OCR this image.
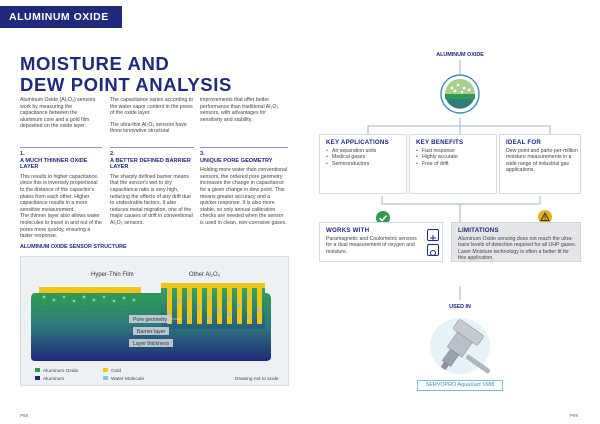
ALUMINUM OXIDE
MOISTURE AND
DEW POINT ANALYSIS

Aluminum Oxide (Al₂O₃) sensors work by measuring the capacitance between the aluminum core and a gold film deposited on the oxide layer.

The capacitance varies according to the water vapor content in the pores of the oxide layer.

The ultra-thin Al₂O₃ sensors have three innovative structural

improvements that offer better performance than traditional Al₂O₃ sensors, with advantages for sensitivity and stability.

1.
A MUCH THINNER OXIDE LAYER

This results in higher capacitance, since this is inversely proportional to the distance of the capacitor's plates from each other. Higher capacitance results in a more sensitive measurement.

The thinner layer also allows water molecules to travel in and out of the pores more quickly, ensuring a faster response.

2.
A BETTER DEFINED BARRIER LAYER

The sharply defined barrier means that the sensor's wet to dry capacitance ratio is very high, reducing the effects of any drift due to undesirable factors. It also reduces metal migration, one of the major causes of drift in conventional Al₂O₃ sensors.

3.
UNIQUE PORE GEOMETRY

Holding more water than conventional sensors, the ordered pore geometry increases the change in capacitance for a given change in dew point. This means greater accuracy and a quicker response. It is also more stable, so only annual calibration checks are needed when the sensor is used in clean, non-corrosive gases.

ALUMINUM OXIDE SENSOR STRUCTURE
Hyper-Thin Film	Other Al₂O₃
Pore geometry
Barrier layer
Layer thickness
Aluminum Oxide	Gold
Aluminum	Water Molecule	Drawing not to scale
P68	P69
ALUMINUM OXIDE
KEY APPLICATIONS
• Air separation units
• Medical gases
• Semiconductors
KEY BENEFITS
• Fast response
• Highly accurate
• Free of drift
IDEAL FOR
Dew point and parts-per-million moisture measurements in a wide range of industrial gas applications.
WORKS WITH
Paramagnetic and Coulometric sensors for a dual measurement of oxygen and moisture.
LIMITATIONS
Aluminum Oxide sensing does not reach the ultra-trace levels of detection required for all UHP gases. Laser Moisture technology is often a better fit for this application.
USED IN
SERVOPRO AquaXact 1688
